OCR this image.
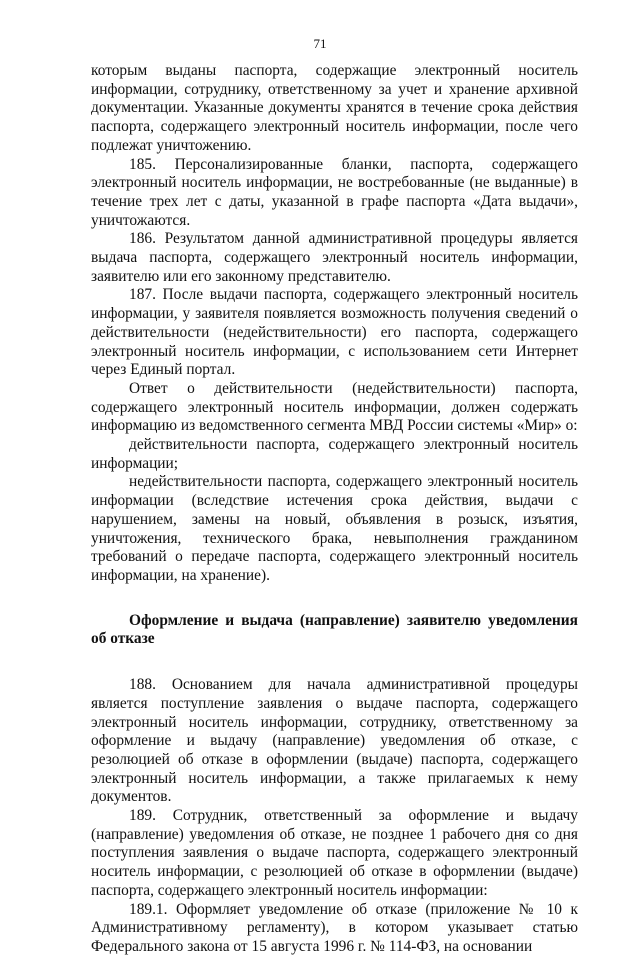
71

которым выданы паспорта, содержащие электронный носитель информации, сотруднику, ответственному за учет и хранение архивной документации. Указанные документы хранятся в течение срока действия паспорта, содержащего электронный носитель информации, после чего подлежат уничтожению.

185. Персонализированные бланки, паспорта, содержащего электронный носитель информации, не востребованные (не выданные) в течение трех лет с даты, указанной в графе паспорта «Дата выдачи», уничтожаются.

186. Результатом данной административной процедуры является выдача паспорта, содержащего электронный носитель информации, заявителю или его законному представителю.

187. После выдачи паспорта, содержащего электронный носитель информации, у заявителя появляется возможность получения сведений о действительности (недействительности) его паспорта, содержащего электронный носитель информации, с использованием сети Интернет через Единый портал.

Ответ о действительности (недействительности) паспорта, содержащего электронный носитель информации, должен содержать информацию из ведомственного сегмента МВД России системы «Мир» о:

действительности паспорта, содержащего электронный носитель информации;

недействительности паспорта, содержащего электронный носитель информации (вследствие истечения срока действия, выдачи с нарушением, замены на новый, объявления в розыск, изъятия, уничтожения, технического брака, невыполнения гражданином требований о передаче паспорта, содержащего электронный носитель информации, на хранение).

Оформление и выдача (направление) заявителю уведомления об отказе

188. Основанием для начала административной процедуры является поступление заявления о выдаче паспорта, содержащего электронный носитель информации, сотруднику, ответственному за оформление и выдачу (направление) уведомления об отказе, с резолюцией об отказе в оформлении (выдаче) паспорта, содержащего электронный носитель информации, а также прилагаемых к нему документов.

189. Сотрудник, ответственный за оформление и выдачу (направление) уведомления об отказе, не позднее 1 рабочего дня со дня поступления заявления о выдаче паспорта, содержащего электронный носитель информации, с резолюцией об отказе в оформлении (выдаче) паспорта, содержащего электронный носитель информации:

189.1. Оформляет уведомление об отказе (приложение № 10 к Административному регламенту), в котором указывает статью Федерального закона от 15 августа 1996 г. № 114-ФЗ, на основании
